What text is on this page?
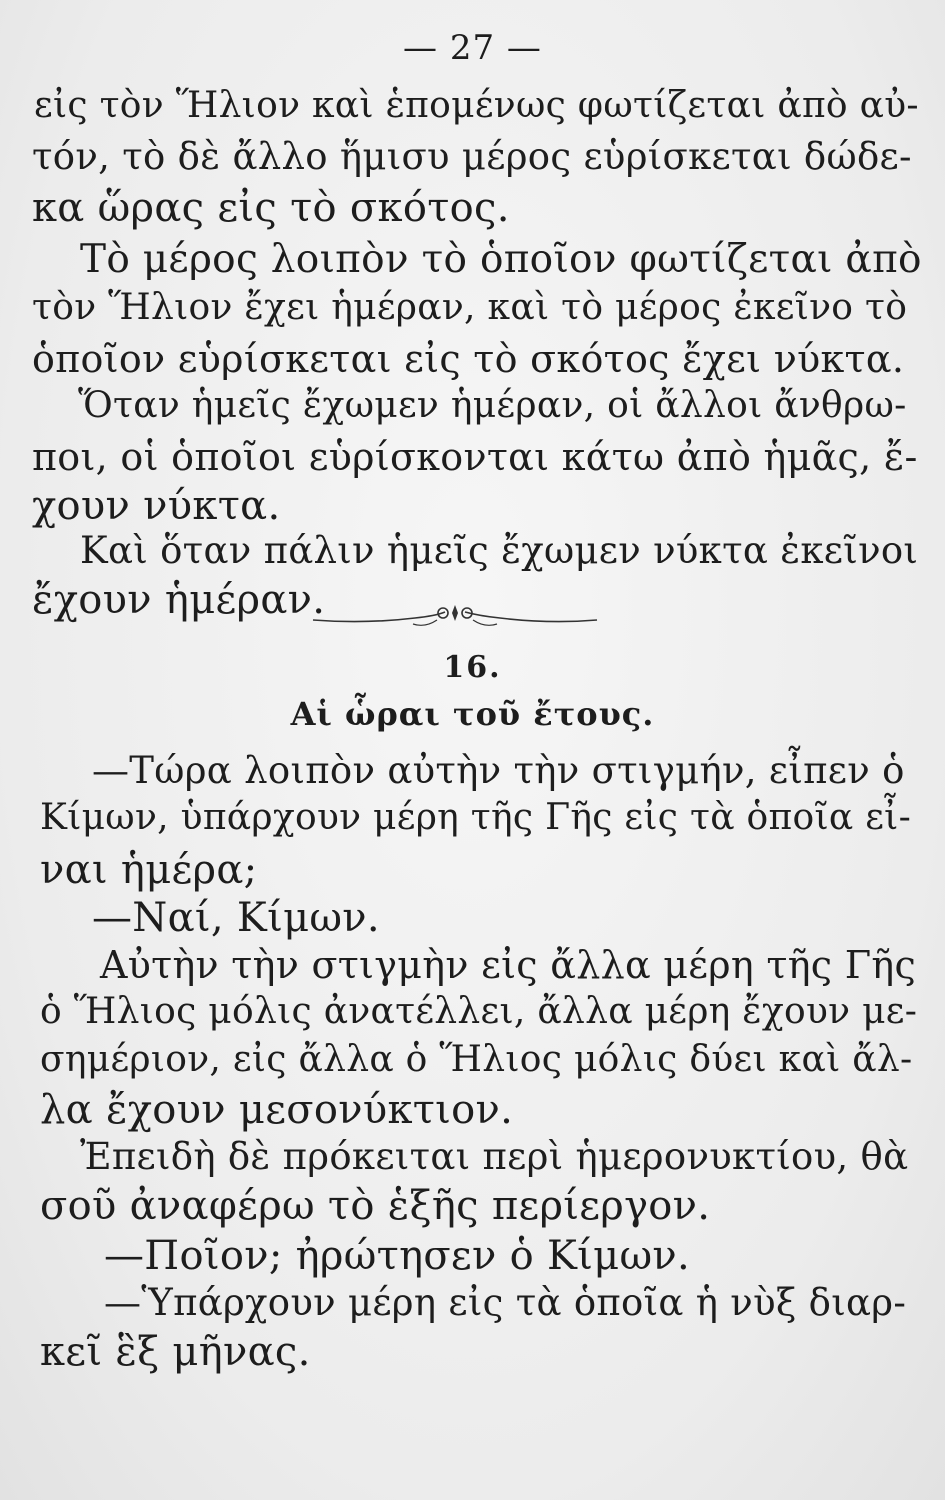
— 27 —
εἰς τὸν Ἥλιον καὶ ἑπομένως φωτίζεται ἀπὸ αὐ-
τόν, τὸ δὲ ἄλλο ἥμισυ μέρος εὑρίσκεται δώδε-
κα ὥρας εἰς τὸ σκότος.
Τὸ μέρος λοιπὸν τὸ ὁποῖον φωτίζεται ἀπὸ
τὸν Ἥλιον ἔχει ἡμέραν, καὶ τὸ μέρος ἐκεῖνο τὸ
ὁποῖον εὑρίσκεται εἰς τὸ σκότος ἔχει νύκτα.
Ὅταν ἡμεῖς ἔχωμεν ἡμέραν, οἱ ἄλλοι ἄνθρω-
ποι, οἱ ὁποῖοι εὑρίσκονται κάτω ἀπὸ ἡμᾶς, ἔ-
χουν νύκτα.
Καὶ ὅταν πάλιν ἡμεῖς ἔχωμεν νύκτα ἐκεῖνοι
ἔχουν ἡμέραν.
16.
Αἱ ὧραι τοῦ ἔτους.
—Τώρα λοιπὸν αὐτὴν τὴν στιγμήν, εἶπεν ὁ
Κίμων, ὑπάρχουν μέρη τῆς Γῆς εἰς τὰ ὁποῖα εἶ-
ναι ἡμέρα;
—Ναί, Κίμων.
Αὐτὴν τὴν στιγμὴν εἰς ἄλλα μέρη τῆς Γῆς
ὁ Ἥλιος μόλις ἀνατέλλει, ἄλλα μέρη ἔχουν με-
σημέριον, εἰς ἄλλα ὁ Ἥλιος μόλις δύει καὶ ἄλ-
λα ἔχουν μεσονύκτιον.
Ἐπειδὴ δὲ πρόκειται περὶ ἡμερονυκτίου, θὰ
σοῦ ἀναφέρω τὸ ἑξῆς περίεργον.
—Ποῖον; ἠρώτησεν ὁ Κίμων.
—Ὑπάρχουν μέρη εἰς τὰ ὁποῖα ἡ νὺξ διαρ-
κεῖ ἓξ μῆνας.
